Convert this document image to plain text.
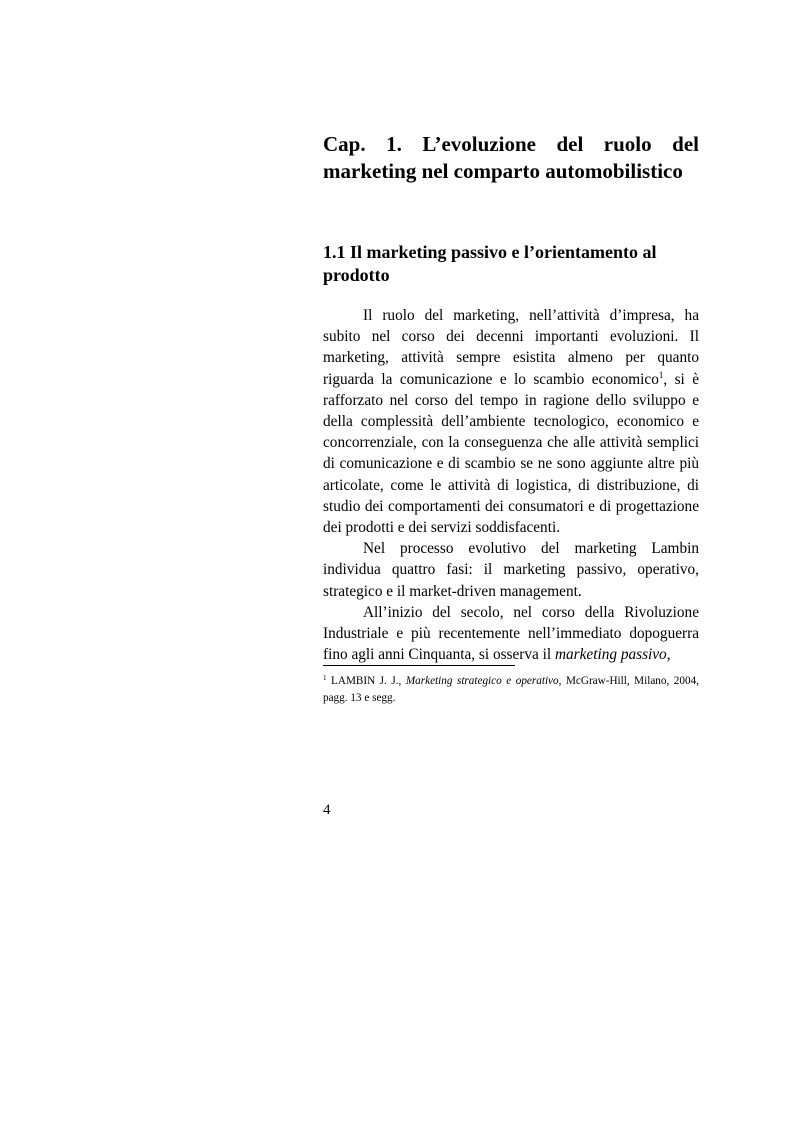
Cap. 1. L’evoluzione del ruolo del marketing nel comparto automobilistico
1.1 Il marketing passivo e l’orientamento al prodotto

Il ruolo del marketing, nell’attività d’impresa, ha subito nel corso dei decenni importanti evoluzioni. Il marketing, attività sempre esistita almeno per quanto riguarda la comunicazione e lo scambio economico$^1$, si è rafforzato nel corso del tempo in ragione dello sviluppo e della complessità dell’ambiente tecnologico, economico e concorrenziale, con la conseguenza che alle attività semplici di comunicazione e di scambio se ne sono aggiunte altre più articolate, come le attività di logistica, di distribuzione, di studio dei comportamenti dei consumatori e di progettazione dei prodotti e dei servizi soddisfacenti.

Nel processo evolutivo del marketing Lambin individua quattro fasi: il marketing passivo, operativo, strategico e il market-driven management.

All’inizio del secolo, nel corso della Rivoluzione Industriale e più recentemente nell’immediato dopoguerra fino agli anni Cinquanta, si osserva il marketing passivo,

$^1$ LAMBIN J. J., Marketing strategico e operativo, McGraw-Hill, Milano, 2004, pagg. 13 e segg.

4
